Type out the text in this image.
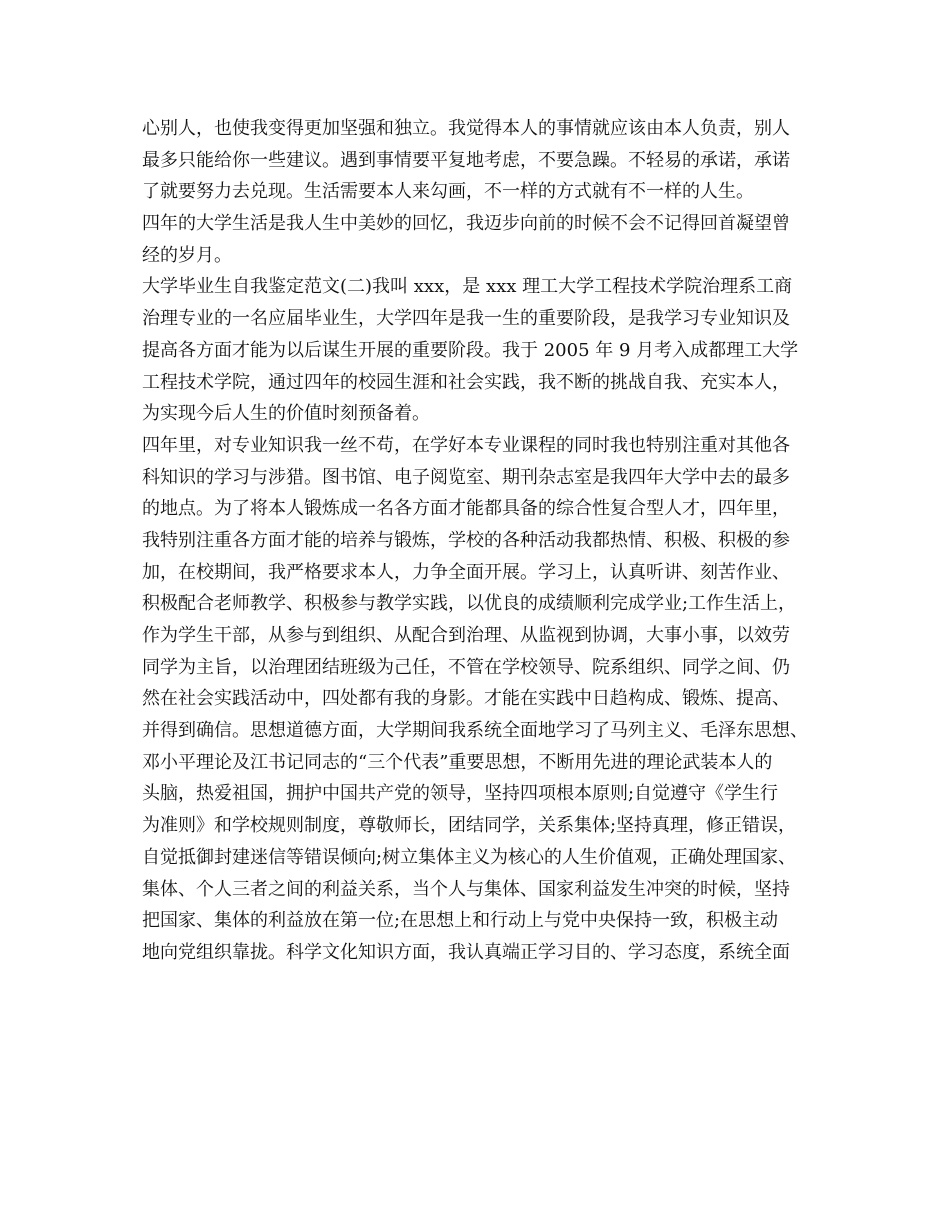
心别人，也使我变得更加坚强和独立。我觉得本人的事情就应该由本人负责，别人
最多只能给你一些建议。遇到事情要平复地考虑，不要急躁。不轻易的承诺，承诺
了就要努力去兑现。生活需要本人来勾画，不一样的方式就有不一样的人生。
四年的大学生活是我人生中美妙的回忆，我迈步向前的时候不会不记得回首凝望曾
经的岁月。
大学毕业生自我鉴定范文(二)我叫 xxx，是 xxx 理工大学工程技术学院治理系工商
治理专业的一名应届毕业生，大学四年是我一生的重要阶段，是我学习专业知识及
提高各方面才能为以后谋生开展的重要阶段。我于 2005 年 9 月考入成都理工大学
工程技术学院，通过四年的校园生涯和社会实践，我不断的挑战自我、充实本人，
为实现今后人生的价值时刻预备着。
四年里，对专业知识我一丝不苟，在学好本专业课程的同时我也特别注重对其他各
科知识的学习与涉猎。图书馆、电子阅览室、期刊杂志室是我四年大学中去的最多
的地点。为了将本人锻炼成一名各方面才能都具备的综合性复合型人才，四年里，
我特别注重各方面才能的培养与锻炼，学校的各种活动我都热情、积极、积极的参
加，在校期间，我严格要求本人，力争全面开展。学习上，认真听讲、刻苦作业、
积极配合老师教学、积极参与教学实践，以优良的成绩顺利完成学业;工作生活上，
作为学生干部，从参与到组织、从配合到治理、从监视到协调，大事小事，以效劳
同学为主旨，以治理团结班级为己任，不管在学校领导、院系组织、同学之间、仍
然在社会实践活动中，四处都有我的身影。才能在实践中日趋构成、锻炼、提高、
并得到确信。思想道德方面，大学期间我系统全面地学习了马列主义、毛泽东思想、
邓小平理论及江书记同志的“三个代表”重要思想，不断用先进的理论武装本人的
头脑，热爱祖国，拥护中国共产党的领导，坚持四项根本原则;自觉遵守《学生行
为准则》和学校规则制度，尊敬师长，团结同学，关系集体;坚持真理，修正错误，
自觉抵御封建迷信等错误倾向;树立集体主义为核心的人生价值观，正确处理国家、
集体、个人三者之间的利益关系，当个人与集体、国家利益发生冲突的时候，坚持
把国家、集体的利益放在第一位;在思想上和行动上与党中央保持一致，积极主动
地向党组织靠拢。科学文化知识方面，我认真端正学习目的、学习态度，系统全面
